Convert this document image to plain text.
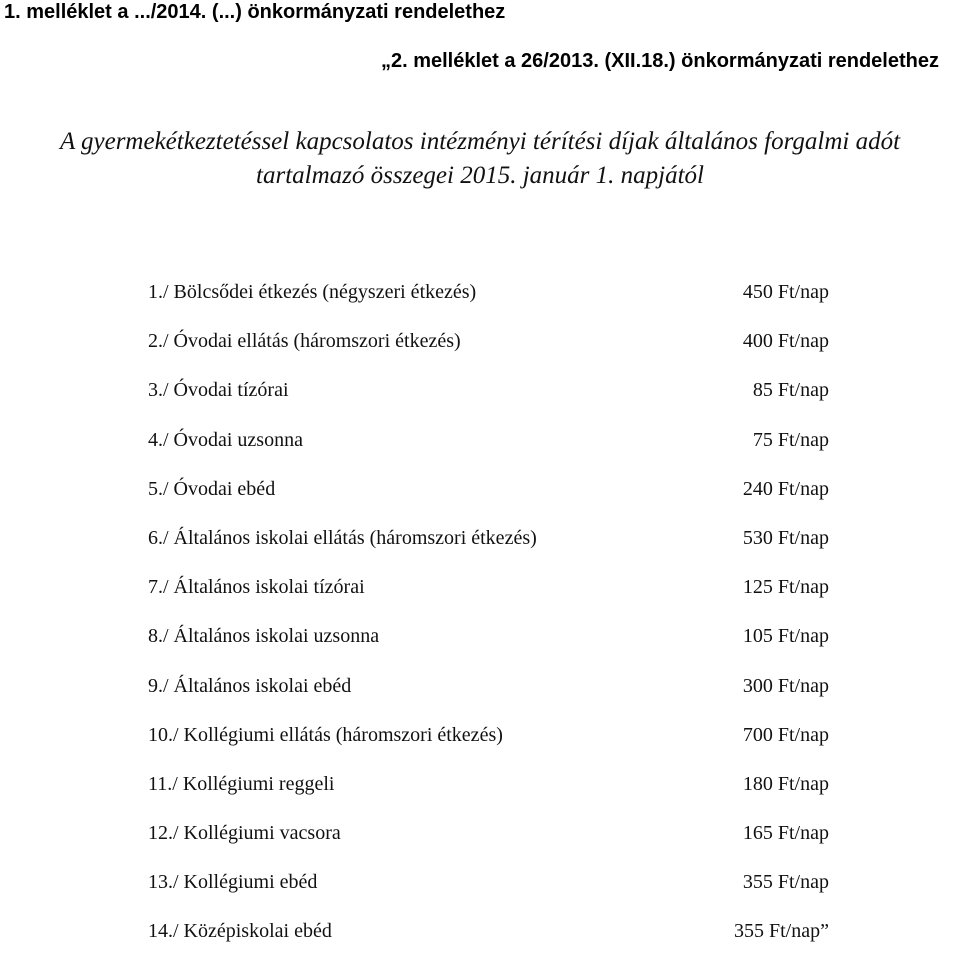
1. melléklet a .../2014. (...) önkormányzati rendelethez
„2. melléklet a 26/2013. (XII.18.) önkormányzati rendelethez
A gyermekétkeztetéssel kapcsolatos intézményi térítési díjak általános forgalmi adót
tartalmazó összegei 2015. január 1. napjától
1./ Bölcsődei étkezés (négyszeri étkezés)	450 Ft/nap
2./ Óvodai ellátás (háromszori étkezés)	400 Ft/nap
3./ Óvodai tízórai	85 Ft/nap
4./ Óvodai uzsonna	75 Ft/nap
5./ Óvodai ebéd	240 Ft/nap
6./ Általános iskolai ellátás (háromszori étkezés)	530 Ft/nap
7./ Általános iskolai tízórai	125 Ft/nap
8./ Általános iskolai uzsonna	105 Ft/nap
9./ Általános iskolai ebéd	300 Ft/nap
10./ Kollégiumi ellátás (háromszori étkezés)	700 Ft/nap
11./ Kollégiumi reggeli	180 Ft/nap
12./ Kollégiumi vacsora	165 Ft/nap
13./ Kollégiumi ebéd	355 Ft/nap
14./ Középiskolai ebéd	355 Ft/nap”
